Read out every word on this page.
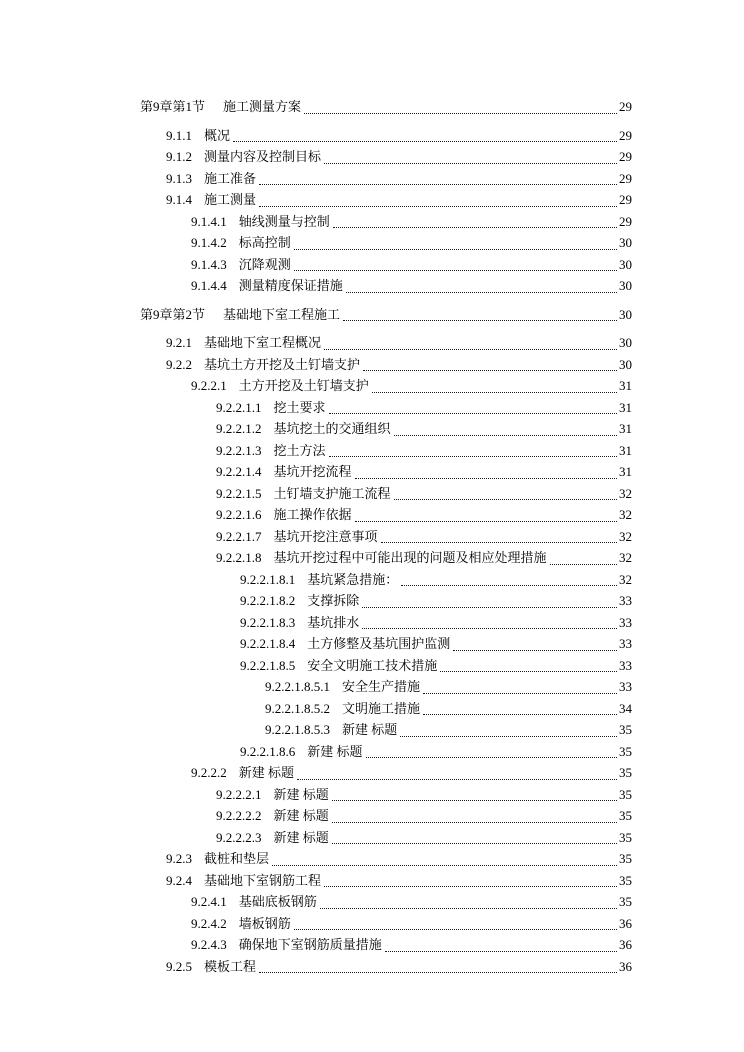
第9章第1节 施工测量方案	29
9.1.1 概况	29
9.1.2 测量内容及控制目标	29
9.1.3 施工准备	29
9.1.4 施工测量	29
9.1.4.1 轴线测量与控制	29
9.1.4.2 标高控制	30
9.1.4.3 沉降观测	30
9.1.4.4 测量精度保证措施	30
第9章第2节 基础地下室工程施工	30
9.2.1 基础地下室工程概况	30
9.2.2 基坑土方开挖及土钉墙支护	30
9.2.2.1 土方开挖及土钉墙支护	31
9.2.2.1.1 挖土要求	31
9.2.2.1.2 基坑挖土的交通组织	31
9.2.2.1.3 挖土方法	31
9.2.2.1.4 基坑开挖流程	31
9.2.2.1.5 土钉墙支护施工流程	32
9.2.2.1.6 施工操作依据	32
9.2.2.1.7 基坑开挖注意事项	32
9.2.2.1.8 基坑开挖过程中可能出现的问题及相应处理措施	32
9.2.2.1.8.1 基坑紧急措施：	32
9.2.2.1.8.2 支撑拆除	33
9.2.2.1.8.3 基坑排水	33
9.2.2.1.8.4 土方修整及基坑围护监测	33
9.2.2.1.8.5 安全文明施工技术措施	33
9.2.2.1.8.5.1 安全生产措施	33
9.2.2.1.8.5.2 文明施工措施	34
9.2.2.1.8.5.3 新建 标题	35
9.2.2.1.8.6 新建 标题	35
9.2.2.2 新建 标题	35
9.2.2.2.1 新建 标题	35
9.2.2.2.2 新建 标题	35
9.2.2.2.3 新建 标题	35
9.2.3 截桩和垫层	35
9.2.4 基础地下室钢筋工程	35
9.2.4.1 基础底板钢筋	35
9.2.4.2 墙板钢筋	36
9.2.4.3 确保地下室钢筋质量措施	36
9.2.5 模板工程	36
